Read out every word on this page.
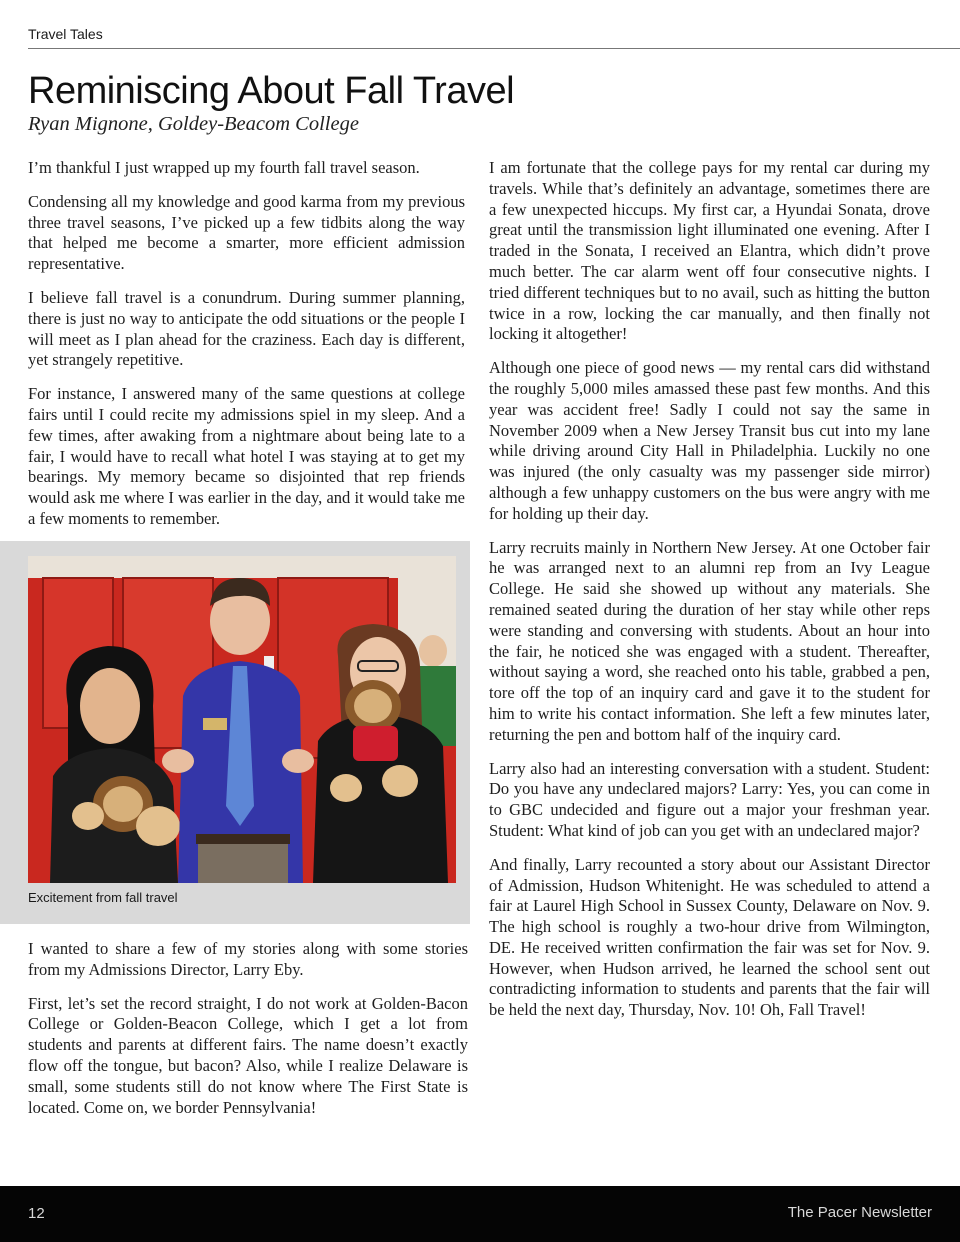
Travel Tales
Reminiscing About Fall Travel
Ryan Mignone, Goldey-Beacom College

I’m thankful I just wrapped up my fourth fall travel season.

Condensing all my knowledge and good karma from my previous three travel seasons, I’ve picked up a few tidbits along the way that helped me become a smarter, more efficient admission representative.

I believe fall travel is a conundrum. During summer planning, there is just no way to anticipate the odd situations or the people I will meet as I plan ahead for the craziness. Each day is different, yet strangely repetitive.

For instance, I answered many of the same questions at college fairs until I could recite my admissions spiel in my sleep. And a few times, after awaking from a nightmare about being late to a fair, I would have to recall what hotel I was staying at to get my bearings. My memory became so disjointed that rep friends would ask me where I was earlier in the day, and it would take me a few moments to remember.

Excitement from fall travel

I wanted to share a few of my stories along with some stories from my Admissions Director, Larry Eby.

First, let’s set the record straight, I do not work at Golden-Bacon College or Golden-Beacon College, which I get a lot from students and parents at different fairs. The name doesn’t exactly flow off the tongue, but bacon? Also, while I realize Delaware is small, some students still do not know where The First State is located. Come on, we border Pennsylvania!

I am fortunate that the college pays for my rental car during my travels. While that’s definitely an advantage, sometimes there are a few unexpected hiccups. My first car, a Hyundai Sonata, drove great until the transmission light illuminated one evening. After I traded in the Sonata, I received an Elantra, which didn’t prove much better. The car alarm went off four consecutive nights. I tried different techniques but to no avail, such as hitting the button twice in a row, locking the car manually, and then finally not locking it altogether!

Although one piece of good news — my rental cars did withstand the roughly 5,000 miles amassed these past few months. And this year was accident free! Sadly I could not say the same in November 2009 when a New Jersey Transit bus cut into my lane while driving around City Hall in Philadelphia. Luckily no one was injured (the only casualty was my passenger side mirror) although a few unhappy customers on the bus were angry with me for holding up their day.

Larry recruits mainly in Northern New Jersey. At one October fair he was arranged next to an alumni rep from an Ivy League College. He said she showed up without any materials. She remained seated during the duration of her stay while other reps were standing and conversing with students. About an hour into the fair, he noticed she was engaged with a student. Thereafter, without saying a word, she reached onto his table, grabbed a pen, tore off the top of an inquiry card and gave it to the student for him to write his contact information. She left a few minutes later, returning the pen and bottom half of the inquiry card.

Larry also had an interesting conversation with a student. Student: Do you have any undeclared majors? Larry: Yes, you can come in to GBC undecided and figure out a major your freshman year. Student: What kind of job can you get with an undeclared major?

And finally, Larry recounted a story about our Assistant Director of Admission, Hudson Whitenight. He was scheduled to attend a fair at Laurel High School in Sussex County, Delaware on Nov. 9. The high school is roughly a two-hour drive from Wilmington, DE. He received written confirmation the fair was set for Nov. 9. However, when Hudson arrived, he learned the school sent out contradicting information to students and parents that the fair will be held the next day, Thursday, Nov. 10! Oh, Fall Travel!

12	The Pacer Newsletter
